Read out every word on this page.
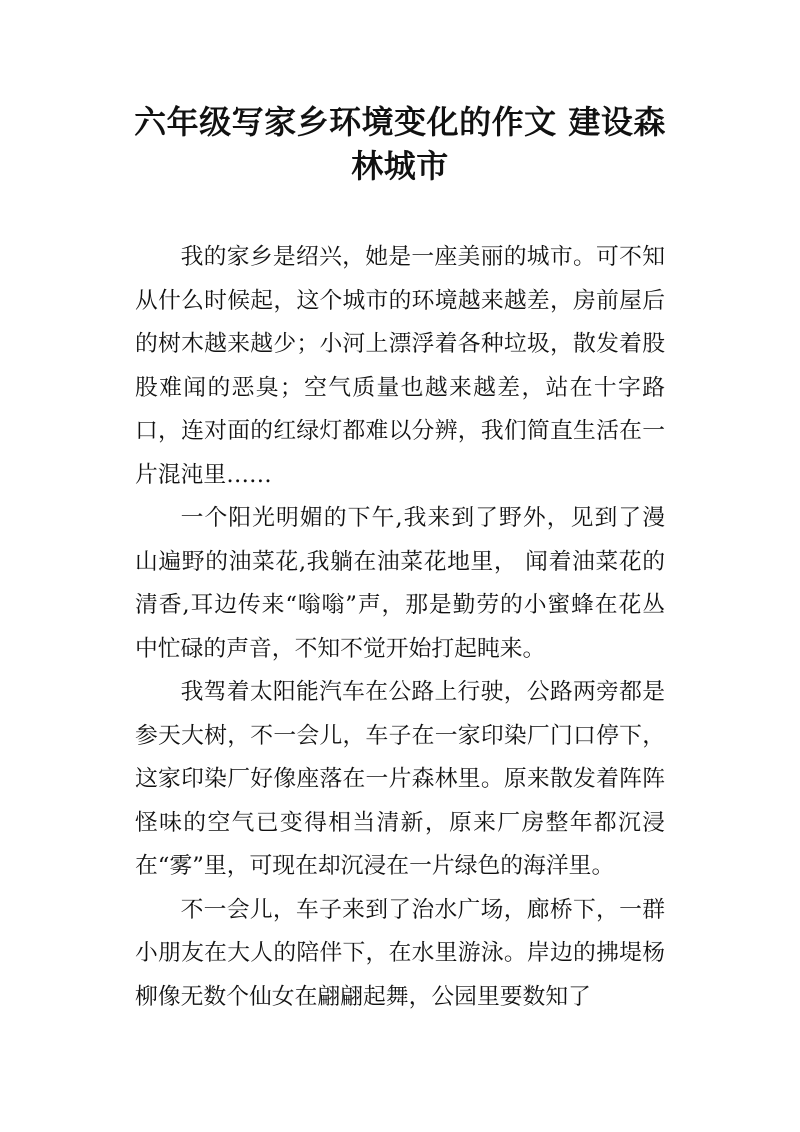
六年级写家乡环境变化的作文 建设森林城市

我的家乡是绍兴，她是一座美丽的城市。可不知从什么时候起，这个城市的环境越来越差，房前屋后的树木越来越少；小河上漂浮着各种垃圾，散发着股股难闻的恶臭；空气质量也越来越差，站在十字路口，连对面的红绿灯都难以分辨，我们简直生活在一片混沌里……

一个阳光明媚的下午,我来到了野外，见到了漫山遍野的油菜花,我躺在油菜花地里， 闻着油菜花的清香,耳边传来“嗡嗡”声，那是勤劳的小蜜蜂在花丛中忙碌的声音，不知不觉开始打起盹来。

我驾着太阳能汽车在公路上行驶，公路两旁都是参天大树，不一会儿，车子在一家印染厂门口停下，这家印染厂好像座落在一片森林里。原来散发着阵阵怪味的空气已变得相当清新，原来厂房整年都沉浸在“雾”里，可现在却沉浸在一片绿色的海洋里。

不一会儿，车子来到了治水广场，廊桥下，一群小朋友在大人的陪伴下，在水里游泳。岸边的拂堤杨柳像无数个仙女在翩翩起舞，公园里要数知了
